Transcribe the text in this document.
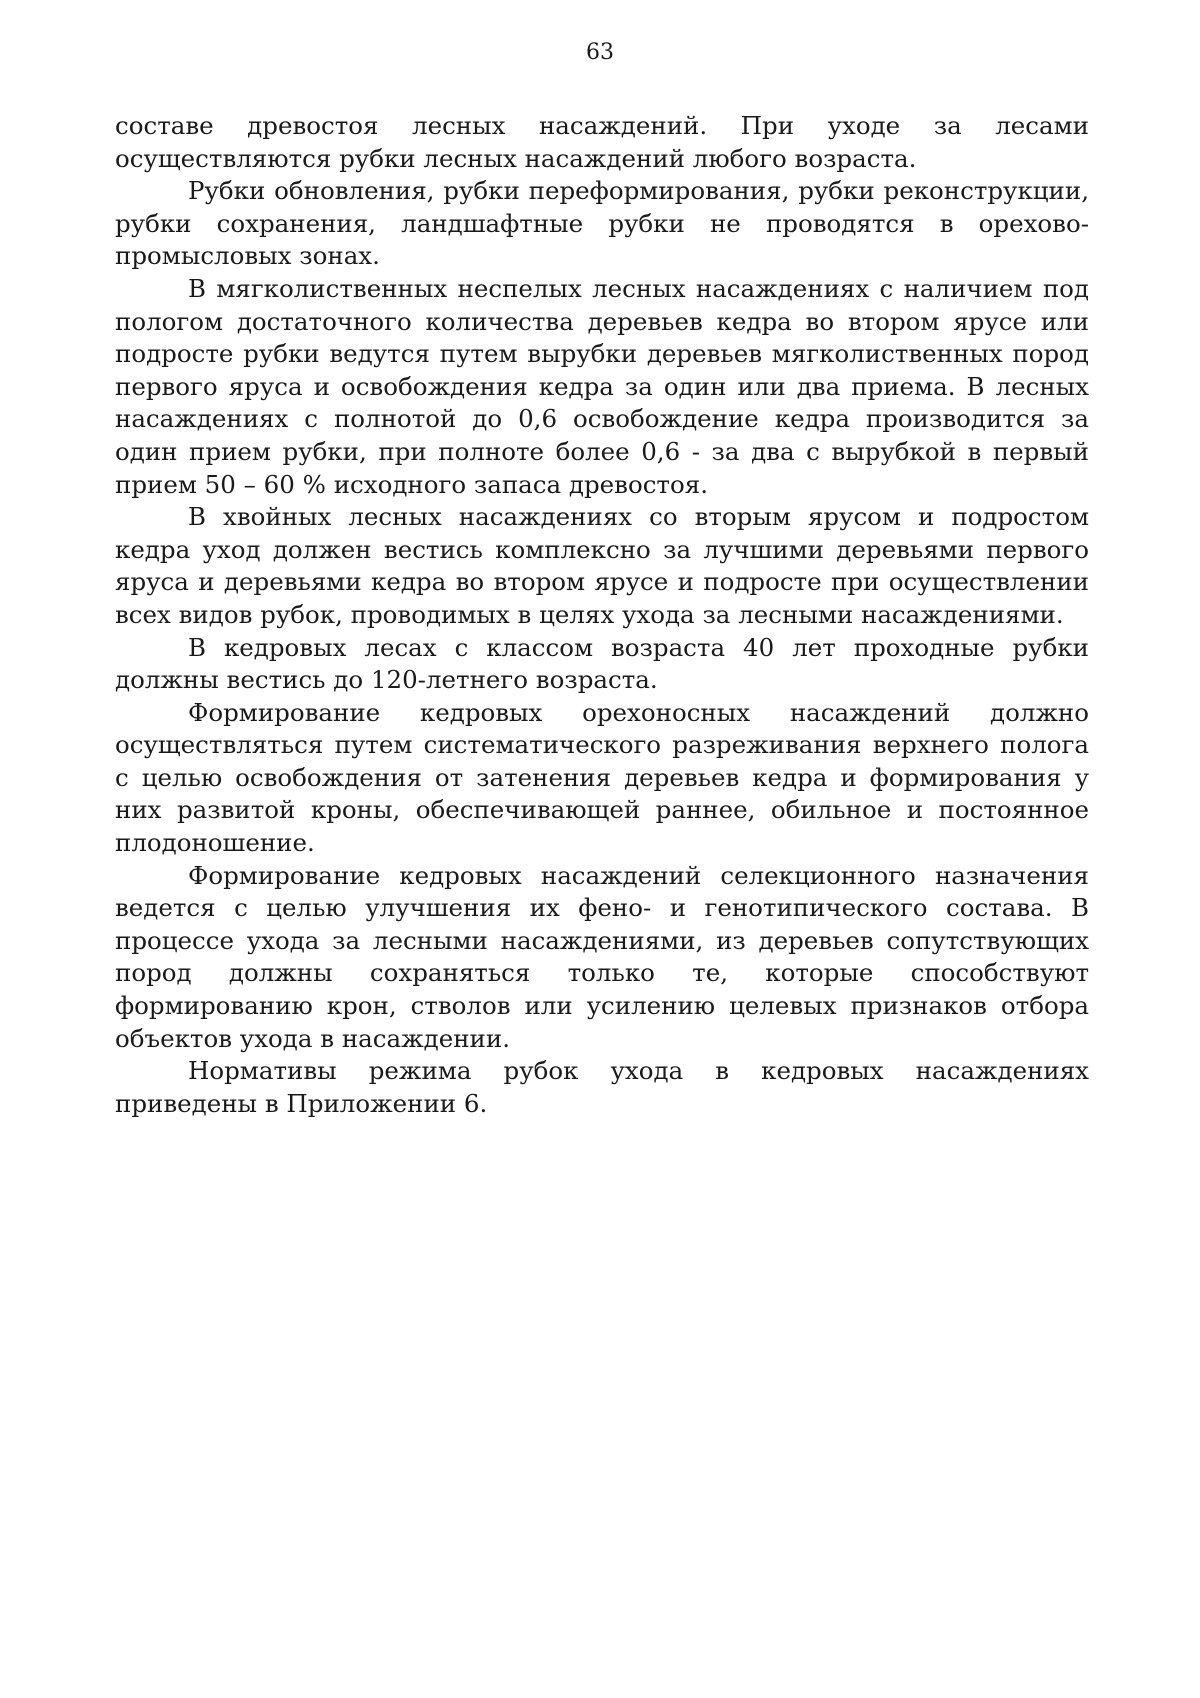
63

составе древостоя лесных насаждений. При уходе за лесами осуществляются рубки лесных насаждений любого возраста.

Рубки обновления, рубки переформирования, рубки реконструкции, рубки сохранения, ландшафтные рубки не проводятся в орехово-промысловых зонах.

В мягколиственных неспелых лесных насаждениях с наличием под пологом достаточного количества деревьев кедра во втором ярусе или подросте рубки ведутся путем вырубки деревьев мягколиственных пород первого яруса и освобождения кедра за один или два приема. В лесных насаждениях с полнотой до 0,6 освобождение кедра производится за один прием рубки, при полноте более 0,6 - за два с вырубкой в первый прием 50 – 60 % исходного запаса древостоя.

В хвойных лесных насаждениях со вторым ярусом и подростом кедра уход должен вестись комплексно за лучшими деревьями первого яруса и деревьями кедра во втором ярусе и подросте при осуществлении всех видов рубок, проводимых в целях ухода за лесными насаждениями.

В кедровых лесах с классом возраста 40 лет проходные рубки должны вестись до 120-летнего возраста.

Формирование кедровых орехоносных насаждений должно осуществляться путем систематического разреживания верхнего полога с целью освобождения от затенения деревьев кедра и формирования у них развитой кроны, обеспечивающей раннее, обильное и постоянное плодоношение.

Формирование кедровых насаждений селекционного назначения ведется с целью улучшения их фено- и генотипического состава. В процессе ухода за лесными насаждениями, из деревьев сопутствующих пород должны сохраняться только те, которые способствуют формированию крон, стволов или усилению целевых признаков отбора объектов ухода в насаждении.

Нормативы режима рубок ухода в кедровых насаждениях приведены в Приложении 6.
